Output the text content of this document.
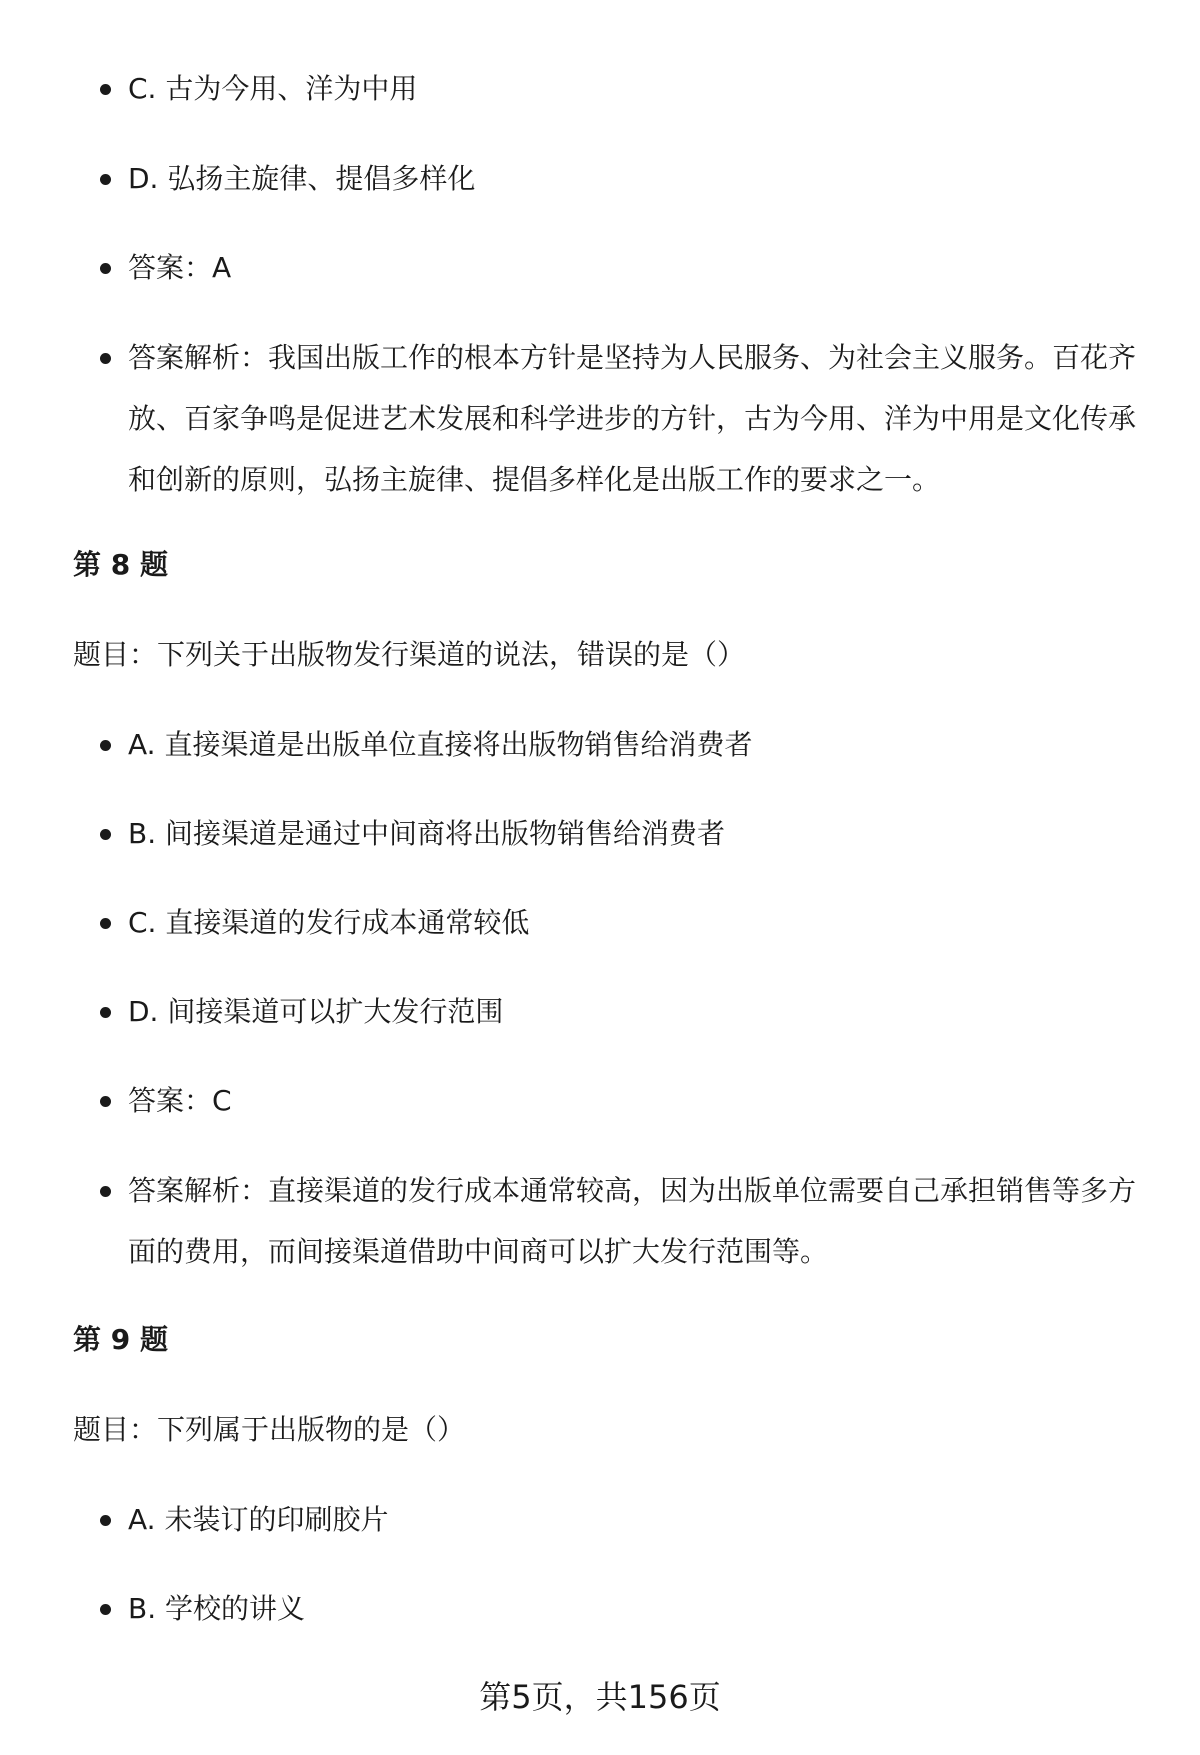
C. 古为今用、洋为中用
D. 弘扬主旋律、提倡多样化
答案：A
答案解析：我国出版工作的根本方针是坚持为人民服务、为社会主义服务。百花齐放、百家争鸣是促进艺术发展和科学进步的方针，古为今用、洋为中用是文化传承和创新的原则，弘扬主旋律、提倡多样化是出版工作的要求之一。
第 8 题

题目：下列关于出版物发行渠道的说法，错误的是（）

A. 直接渠道是出版单位直接将出版物销售给消费者
B. 间接渠道是通过中间商将出版物销售给消费者
C. 直接渠道的发行成本通常较低
D. 间接渠道可以扩大发行范围
答案：C
答案解析：直接渠道的发行成本通常较高，因为出版单位需要自己承担销售等多方面的费用，而间接渠道借助中间商可以扩大发行范围等。
第 9 题

题目：下列属于出版物的是（）

A. 未装订的印刷胶片
B. 学校的讲义
第5页，共156页
